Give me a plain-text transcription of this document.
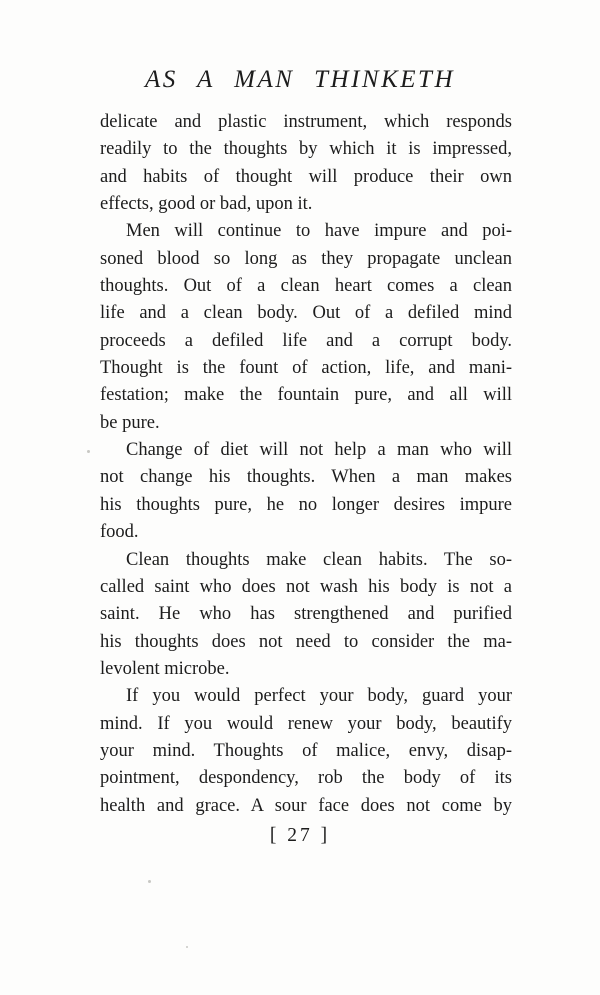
AS A MAN THINKETH
delicate and plastic instrument, which responds
readily to the thoughts by which it is impressed,
and habits of thought will produce their own
effects, good or bad, upon it.
Men will continue to have impure and poi-
soned blood so long as they propagate unclean
thoughts. Out of a clean heart comes a clean
life and a clean body. Out of a defiled mind
proceeds a defiled life and a corrupt body.
Thought is the fount of action, life, and mani-
festation; make the fountain pure, and all will
be pure.
Change of diet will not help a man who will
not change his thoughts. When a man makes
his thoughts pure, he no longer desires impure
food.
Clean thoughts make clean habits. The so-
called saint who does not wash his body is not a
saint. He who has strengthened and purified
his thoughts does not need to consider the ma-
levolent microbe.
If you would perfect your body, guard your
mind. If you would renew your body, beautify
your mind. Thoughts of malice, envy, disap-
pointment, despondency, rob the body of its
health and grace. A sour face does not come by
[ 27 ]
